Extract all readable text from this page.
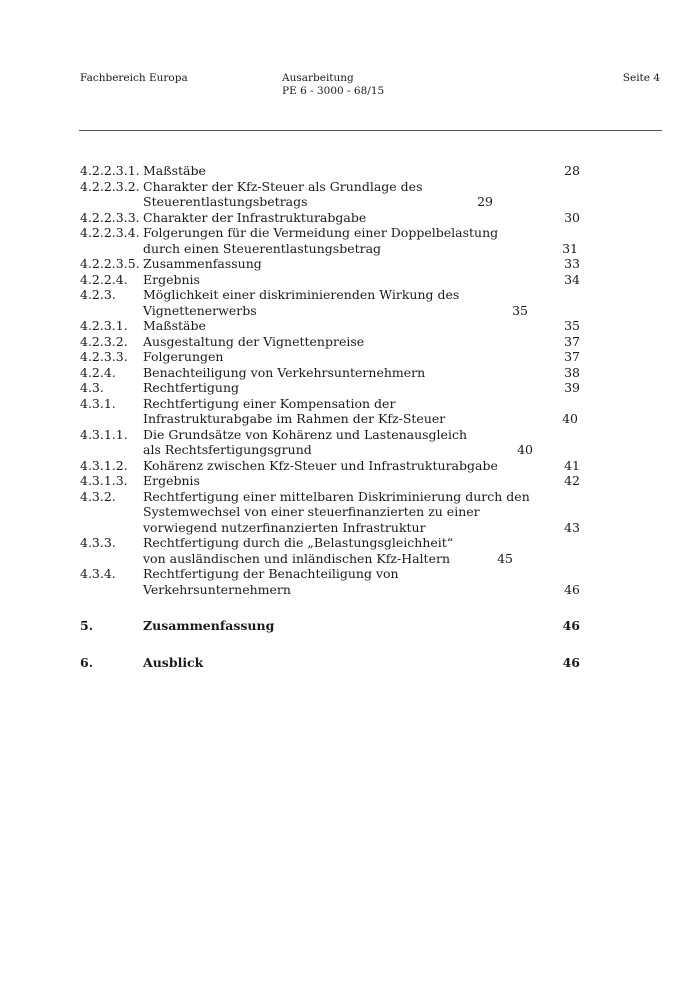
Fachbereich Europa	Ausarbeitung
PE 6 - 3000 - 68/15
Seite 4
4.2.2.3.1. Maßstäbe	28
4.2.2.3.2. Charakter der Kfz-Steuer als Grundlage des Steuerentlastungsbetrags	29
4.2.2.3.3. Charakter der Infrastrukturabgabe	30
4.2.2.3.4. Folgerungen für die Vermeidung einer Doppelbelastung durch einen Steuerentlastungsbetrag	31
4.2.2.3.5. Zusammenfassung	33
4.2.2.4.	Ergebnis	34
4.2.3.	Möglichkeit einer diskriminierenden Wirkung des Vignettenerwerbs	35
4.2.3.1.	Maßstäbe	35
4.2.3.2.	Ausgestaltung der Vignettenpreise	37
4.2.3.3.	Folgerungen	37
4.2.4.	Benachteiligung von Verkehrsunternehmern	38
4.3.	Rechtfertigung	39
4.3.1.	Rechtfertigung einer Kompensation der Infrastrukturabgabe im Rahmen der Kfz-Steuer	40
4.3.1.1.	Die Grundsätze von Kohärenz und Lastenausgleich als Rechtsfertigungsgrund	40
4.3.1.2.	Kohärenz zwischen Kfz-Steuer und Infrastrukturabgabe	41
4.3.1.3.	Ergebnis	42
4.3.2.	Rechtfertigung einer mittelbaren Diskriminierung durch den Systemwechsel von einer steuerfinanzierten zu einer vorwiegend nutzerfinanzierten Infrastruktur	43
4.3.3.	Rechtfertigung durch die „Belastungsgleichheit“ von ausländischen und inländischen Kfz-Haltern	45
4.3.4.	Rechtfertigung der Benachteiligung von Verkehrsunternehmern	46
5.	Zusammenfassung	46
6.	Ausblick	46
